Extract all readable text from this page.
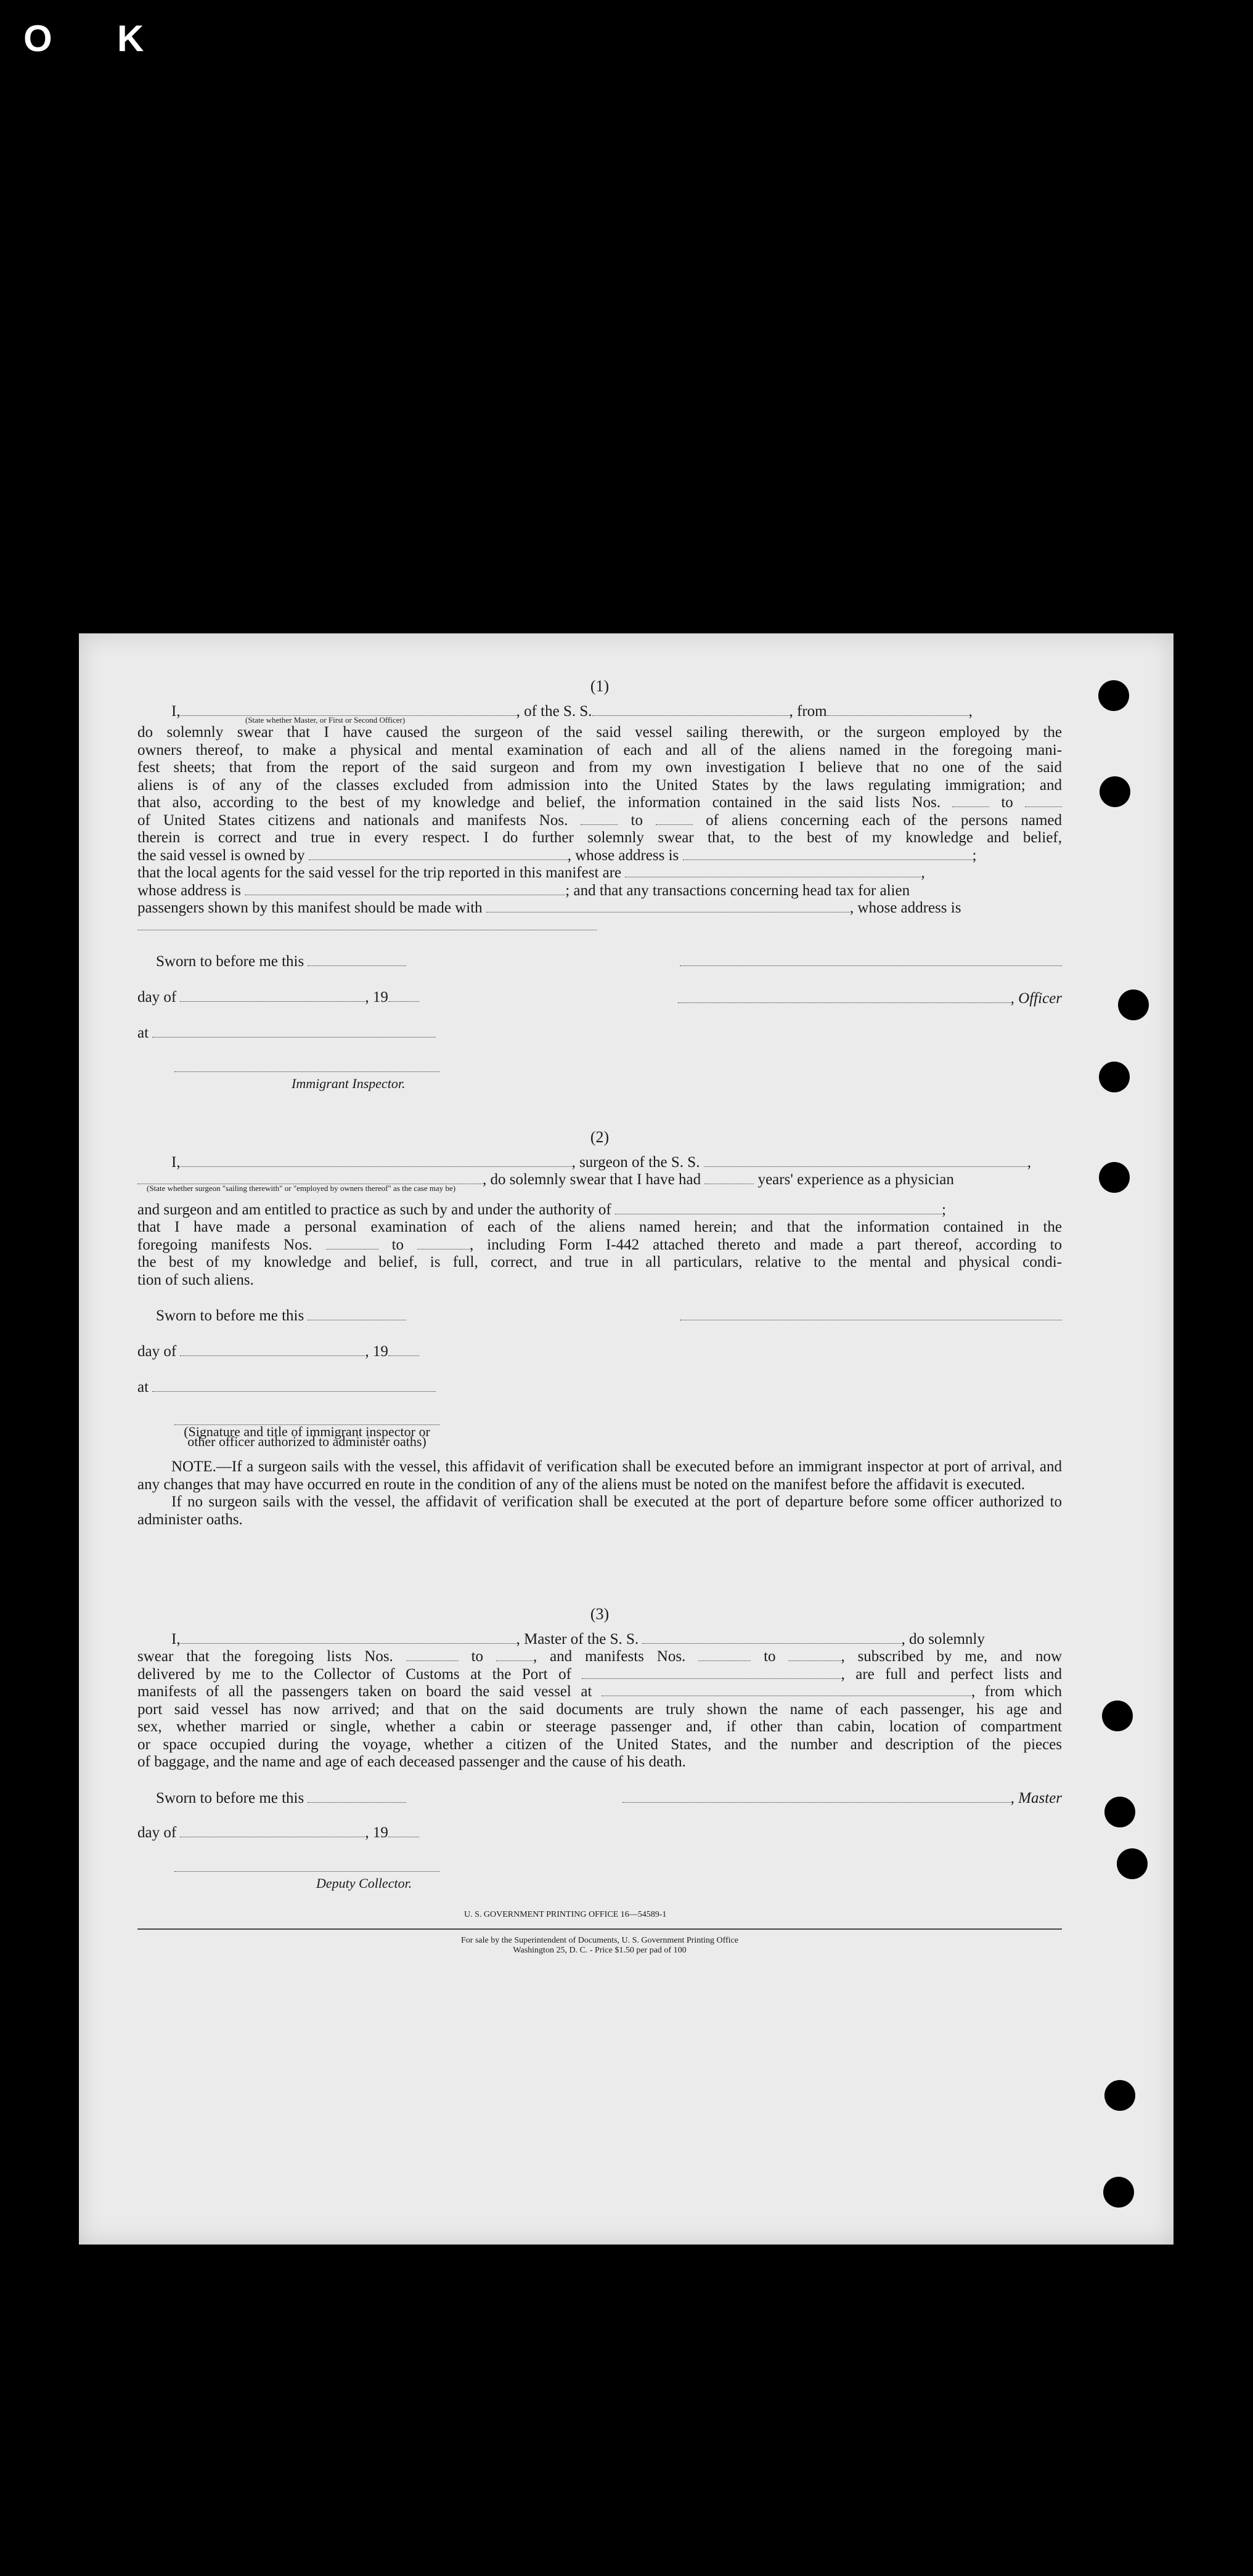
O K
(1)
I,	, of the S. S.	, from	,
(State whether Master, or First or Second Officer)
do solemnly swear that I have caused the surgeon of the said vessel sailing therewith, or the surgeon employed by the
owners thereof, to make a physical and mental examination of each and all of the aliens named in the foregoing mani-
fest sheets; that from the report of the said surgeon and from my own investigation I believe that no one of the said
aliens is of any of the classes excluded from admission into the United States by the laws regulating immigration; and
that also, according to the best of my knowledge and belief, the information contained in the said lists Nos.	to
of United States citizens and nationals and manifests Nos.	to	of aliens concerning each of the persons named
therein is correct and true in every respect. I do further solemnly swear that, to the best of my knowledge and belief,
the said vessel is owned by	, whose address is	;
that the local agents for the said vessel for the trip reported in this manifest are	,
whose address is	; and that any transactions concerning head tax for alien
passengers shown by this manifest should be made with	, whose address is
Sworn to before me this
day of	, 19
at
Immigrant Inspector.
, Officer
(2)
I,	, surgeon of the S. S.	,
, do solemnly swear that I have had	years' experience as a physician
(State whether surgeon "sailing therewith" or "employed by owners thereof" as the case may be)
and surgeon and am entitled to practice as such by and under the authority of	;
that I have made a personal examination of each of the aliens named herein; and that the information contained in the
foregoing manifests Nos.	to	, including Form I-442 attached thereto and made a part thereof, according to
the best of my knowledge and belief, is full, correct, and true in all particulars, relative to the mental and physical condi-
tion of such aliens.
Sworn to before me this
day of	, 19
at
(Signature and title of immigrant inspector or other officer authorized to administer oaths)
NOTE.—If a surgeon sails with the vessel, this affidavit of verification shall be executed before an immigrant inspector at port of arrival, and any changes that may have occurred en route in the condition of any of the aliens must be noted on the manifest before the affidavit is executed.
If no surgeon sails with the vessel, the affidavit of verification shall be executed at the port of departure before some officer authorized to administer oaths.
(3)
I,	, Master of the S. S.	, do solemnly
swear that the foregoing lists Nos.	to	, and manifests Nos.	to	, subscribed by me, and now
delivered by me to the Collector of Customs at the Port of	, are full and perfect lists and
manifests of all the passengers taken on board the said vessel at	, from which
port said vessel has now arrived; and that on the said documents are truly shown the name of each passenger, his age and
sex, whether married or single, whether a cabin or steerage passenger and, if other than cabin, location of compartment
or space occupied during the voyage, whether a citizen of the United States, and the number and description of the pieces
of baggage, and the name and age of each deceased passenger and the cause of his death.
Sworn to before me this
day of	, 19
Deputy Collector.
, Master
U. S. GOVERNMENT PRINTING OFFICE 16—54589-1
For sale by the Superintendent of Documents, U. S. Government Printing Office
Washington 25, D. C. - Price $1.50 per pad of 100
